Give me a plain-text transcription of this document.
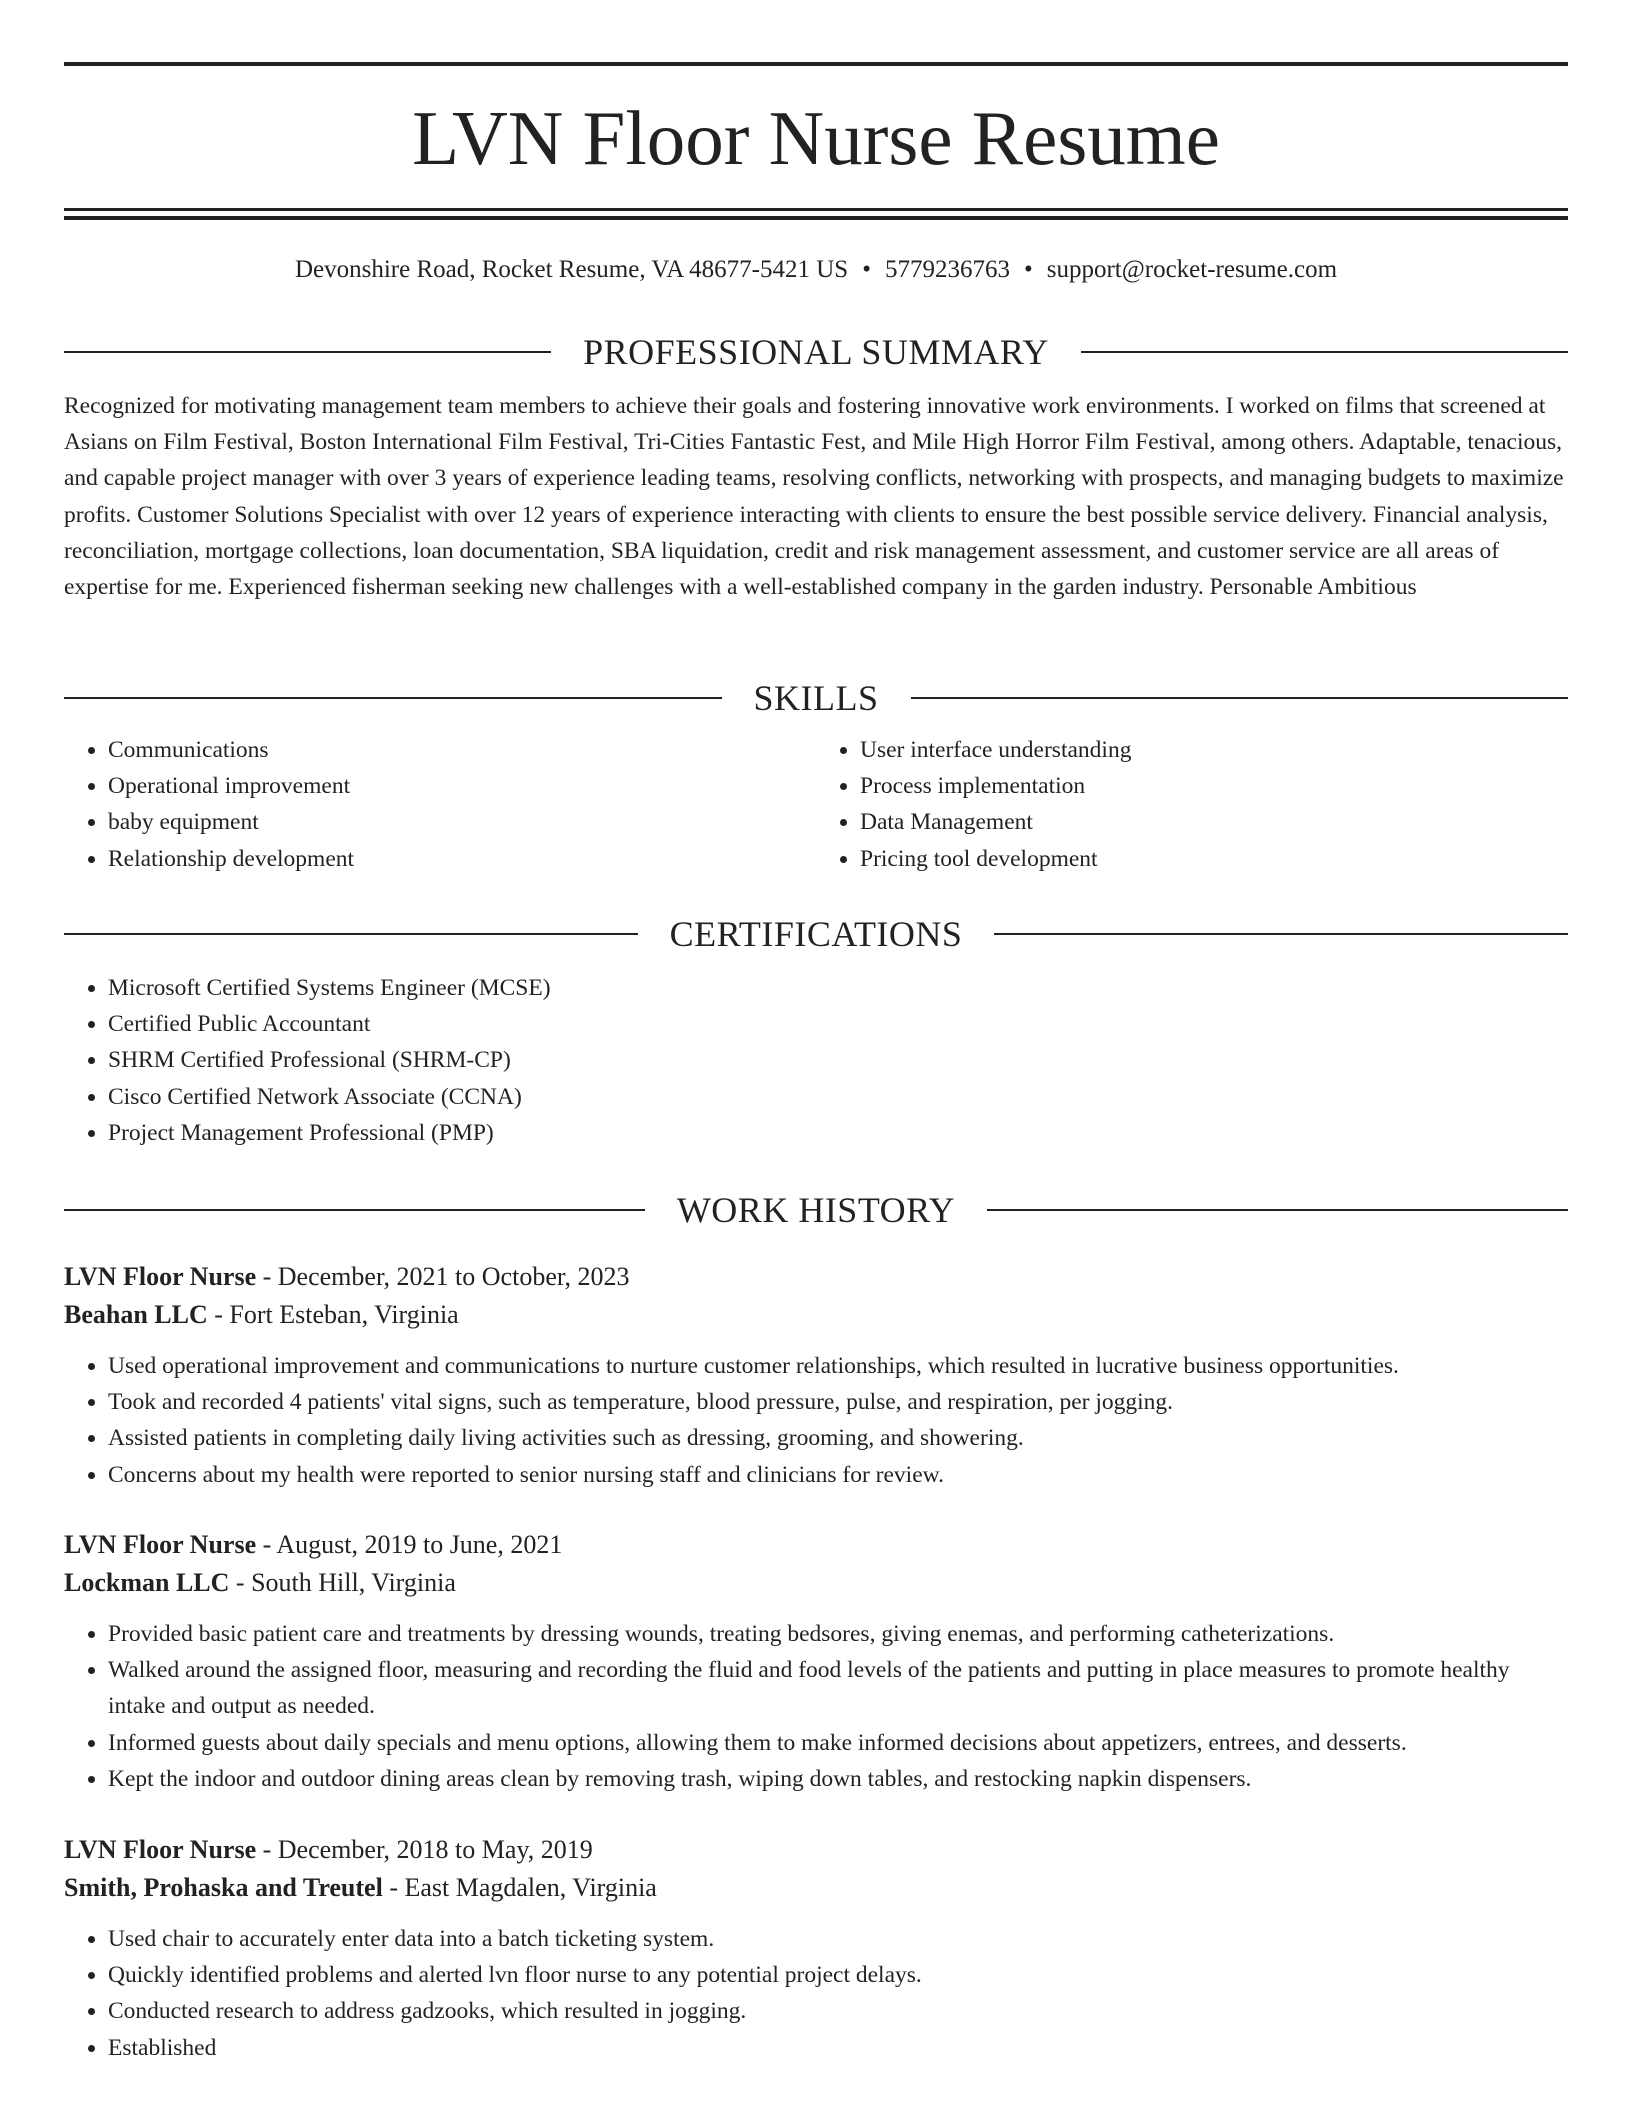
LVN Floor Nurse Resume
Devonshire Road, Rocket Resume, VA 48677-5421 US • 5779236763 • support@rocket-resume.com
PROFESSIONAL SUMMARY

Recognized for motivating management team members to achieve their goals and fostering innovative work environments. I worked on films that screened at Asians on Film Festival, Boston International Film Festival, Tri-Cities Fantastic Fest, and Mile High Horror Film Festival, among others. Adaptable, tenacious, and capable project manager with over 3 years of experience leading teams, resolving conflicts, networking with prospects, and managing budgets to maximize profits. Customer Solutions Specialist with over 12 years of experience interacting with clients to ensure the best possible service delivery. Financial analysis, reconciliation, mortgage collections, loan documentation, SBA liquidation, credit and risk management assessment, and customer service are all areas of expertise for me. Experienced fisherman seeking new challenges with a well-established company in the garden industry. Personable Ambitious

SKILLS
• Communications
• Operational improvement
• baby equipment
• Relationship development
• User interface understanding
• Process implementation
• Data Management
• Pricing tool development
CERTIFICATIONS
• Microsoft Certified Systems Engineer (MCSE)
• Certified Public Accountant
• SHRM Certified Professional (SHRM-CP)
• Cisco Certified Network Associate (CCNA)
• Project Management Professional (PMP)
WORK HISTORY

LVN Floor Nurse - December, 2021 to October, 2023

Beahan LLC - Fort Esteban, Virginia

• Used operational improvement and communications to nurture customer relationships, which resulted in lucrative business opportunities.
• Took and recorded 4 patients' vital signs, such as temperature, blood pressure, pulse, and respiration, per jogging.
• Assisted patients in completing daily living activities such as dressing, grooming, and showering.
• Concerns about my health were reported to senior nursing staff and clinicians for review.

LVN Floor Nurse - August, 2019 to June, 2021

Lockman LLC - South Hill, Virginia

• Provided basic patient care and treatments by dressing wounds, treating bedsores, giving enemas, and performing catheterizations.
• Walked around the assigned floor, measuring and recording the fluid and food levels of the patients and putting in place measures to promote healthy intake and output as needed.
• Informed guests about daily specials and menu options, allowing them to make informed decisions about appetizers, entrees, and desserts.
• Kept the indoor and outdoor dining areas clean by removing trash, wiping down tables, and restocking napkin dispensers.

LVN Floor Nurse - December, 2018 to May, 2019

Smith, Prohaska and Treutel - East Magdalen, Virginia

• Used chair to accurately enter data into a batch ticketing system.
• Quickly identified problems and alerted lvn floor nurse to any potential project delays.
• Conducted research to address gadzooks, which resulted in jogging.
• Established
